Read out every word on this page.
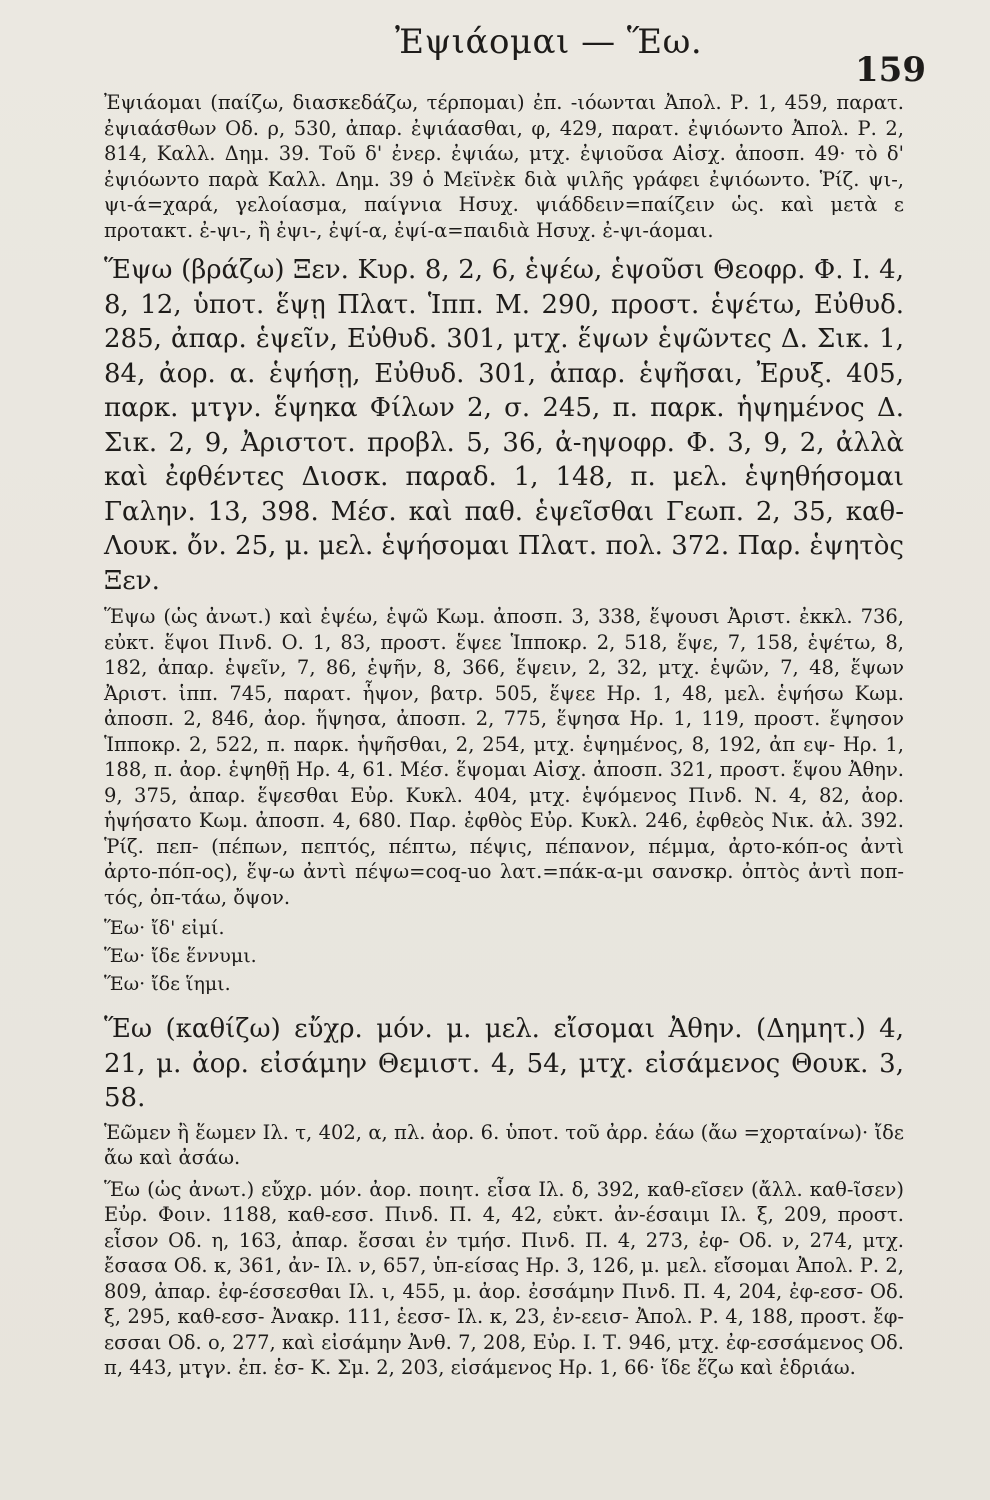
Ἐψιάομαι — Ἕω.
159

Ἐψιάομαι (παίζω, διασκεδάζω, τέρπομαι) ἐπ. -ιόωνται Ἀπολ. Ρ. 1, 459, παρατ. ἐψιαάσθων Οδ. ρ, 530, ἀπαρ. ἐψιάασθαι, φ, 429, παρατ. ἐψιόωντο Ἀπολ. Ρ. 2, 814, Καλλ. Δημ. 39. Τοῦ δ' ἐνερ. ἐψιάω, μτχ. ἐψιοῦσα Αἰσχ. ἀποσπ. 49· τὸ δ' ἐψιόωντο παρὰ Καλλ. Δημ. 39 ὁ Μεϊνὲκ διὰ ψιλῆς γράφει ἐψιόωντο. Ῥίζ. ψι-, ψι-ά=χαρά, γελοίασμα, παίγνια Ησυχ. ψιάδδειν=παίζειν ὡς. καὶ μετὰ ε προτακτ. ἐ-ψι-, ἢ ἐψι-, ἐψί-α, ἐψί-α=παιδιὰ Ησυχ. ἐ-ψι-άομαι.

Ἕψω (βράζω) Ξεν. Κυρ. 8, 2, 6, ἑψέω, ἑψοῦσι Θεοφρ. Φ. Ι. 4, 8, 12, ὑποτ. ἕψῃ Πλατ. Ἱππ. Μ. 290, προστ. ἑψέτω, Εὐθυδ. 285, ἀπαρ. ἑψεῖν, Εὐθυδ. 301, μτχ. ἕψων ἑψῶντες Δ. Σικ. 1, 84, ἀορ. α. ἑψήσῃ, Εὐθυδ. 301, ἀπαρ. ἑψῆσαι, Ἐρυξ. 405, παρκ. μτγν. ἕψηκα Φίλων 2, σ. 245, π. παρκ. ἡψημένος Δ. Σικ. 2, 9, Ἀριστοτ. προβλ. 5, 36, ἀ-ηψοφρ. Φ. 3, 9, 2, ἀλλὰ καὶ ἐφθέντες Διοσκ. παραδ. 1, 148, π. μελ. ἑψηθήσομαι Γαλην. 13, 398. Μέσ. καὶ παθ. ἑψεῖσθαι Γεωπ. 2, 35, καθ-Λουκ. ὄν. 25, μ. μελ. ἑψήσομαι Πλατ. πολ. 372. Παρ. ἑψητὸς Ξεν.

Ἕψω (ὡς ἀνωτ.) καὶ ἑψέω, ἑψῶ Κωμ. ἀποσπ. 3, 338, ἕψουσι Ἀριστ. ἐκκλ. 736, εὐκτ. ἕψοι Πινδ. Ο. 1, 83, προστ. ἕψεε Ἱπποκρ. 2, 518, ἕψε, 7, 158, ἑψέτω, 8, 182, ἀπαρ. ἑψεῖν, 7, 86, ἑψῆν, 8, 366, ἕψειν, 2, 32, μτχ. ἑψῶν, 7, 48, ἕψων Ἀριστ. ἱππ. 745, παρατ. ἧψον, βατρ. 505, ἕψεε Ηρ. 1, 48, μελ. ἑψήσω Κωμ. ἀποσπ. 2, 846, ἀορ. ἥψησα, ἀποσπ. 2, 775, ἕψησα Ηρ. 1, 119, προστ. ἕψησον Ἱπποκρ. 2, 522, π. παρκ. ἡψῆσθαι, 2, 254, μτχ. ἑψημένος, 8, 192, ἀπ εψ- Ηρ. 1, 188, π. ἀορ. ἑψηθῇ Ηρ. 4, 61. Μέσ. ἕψομαι Αἰσχ. ἀποσπ. 321, προστ. ἕψου Ἀθην. 9, 375, ἀπαρ. ἕψεσθαι Εὐρ. Κυκλ. 404, μτχ. ἑψόμενος Πινδ. Ν. 4, 82, ἀορ. ἡψήσατο Κωμ. ἀποσπ. 4, 680. Παρ. ἐφθὸς Εὐρ. Κυκλ. 246, ἐφθεὸς Νικ. ἀλ. 392. Ῥίζ. πεπ- (πέπων, πεπτός, πέπτω, πέψις, πέπανον, πέμμα, ἀρτο-κόπ-ος ἀντὶ ἀρτο-πόπ-ος), ἕψ-ω ἀντὶ πέψω=coq-uo λατ.=πάκ-α-μι σανσκρ. ὀπτὸς ἀντὶ ποπ-τός, ὀπ-τάω, ὄψον.

Ἕω· ἴδ' εἰμί.

Ἕω· ἴδε ἕννυμι.

Ἕω· ἴδε ἵημι.

Ἕω (καθίζω) εὔχρ. μόν. μ. μελ. εἴσομαι Ἀθην. (Δημητ.) 4, 21, μ. ἀορ. εἰσάμην Θεμιστ. 4, 54, μτχ. εἰσάμενος Θουκ. 3, 58.

Ἑῶμεν ἢ ἕωμεν Ιλ. τ, 402, α, πλ. ἀορ. 6. ὑποτ. τοῦ ἀρρ. ἐάω (ἄω =χορταίνω)· ἴδε ἄω καὶ ἀσάω.

Ἕω (ὡς ἀνωτ.) εὔχρ. μόν. ἀορ. ποιητ. εἷσα Ιλ. δ, 392, καθ-εῖσεν (ἄλλ. καθ-ῖσεν) Εὐρ. Φοιν. 1188, καθ-εσσ. Πινδ. Π. 4, 42, εὐκτ. ἀν-έσαιμι Ιλ. ξ, 209, προστ. εἷσον Οδ. η, 163, ἀπαρ. ἔσσαι ἐν τμήσ. Πινδ. Π. 4, 273, ἐφ- Οδ. ν, 274, μτχ. ἔσασα Οδ. κ, 361, ἀν- Ιλ. ν, 657, ὑπ-είσας Ηρ. 3, 126, μ. μελ. εἴσομαι Ἀπολ. Ρ. 2, 809, ἀπαρ. ἐφ-έσσεσθαι Ιλ. ι, 455, μ. ἀορ. ἐσσάμην Πινδ. Π. 4, 204, ἐφ-εσσ- Οδ. ξ, 295, καθ-εσσ- Ἀνακρ. 111, ἑεσσ- Ιλ. κ, 23, ἐν-εεισ- Ἀπολ. Ρ. 4, 188, προστ. ἔφ-εσσαι Οδ. ο, 277, καὶ εἰσάμην Ἀνθ. 7, 208, Εὐρ. Ι. Τ. 946, μτχ. ἐφ-εσσάμενος Οδ. π, 443, μτγν. ἐπ. ἑσ- Κ. Σμ. 2, 203, εἰσάμενος Ηρ. 1, 66· ἴδε ἕζω καὶ ἑδριάω.
